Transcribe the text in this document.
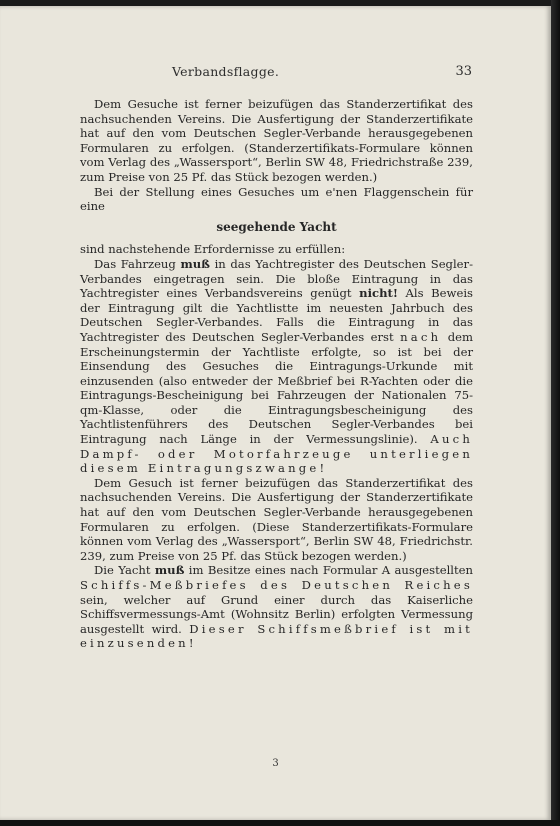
Verbandsflagge.	33

Dem Gesuche ist ferner beizufügen das Standerzertifikat des nachsuchenden Vereins. Die Ausfertigung der Standerzertifikate hat auf den vom Deutschen Segler-Verbande herausgegebenen Formularen zu erfolgen. (Standerzertifikats-Formulare können vom Verlag des „Wassersport“, Berlin SW 48, Friedrichstraße 239, zum Preise von 25 Pf. das Stück bezogen werden.)

Bei der Stellung eines Gesuches um e'nen Flaggenschein für eine

seegehende Yacht

sind nachstehende Erfordernisse zu erfüllen:

Das Fahrzeug muß in das Yachtregister des Deutschen Segler-Verbandes eingetragen sein. Die bloße Eintragung in das Yachtregister eines Verbandsvereins genügt nicht! Als Beweis der Eintragung gilt die Yachtlistte im neuesten Jahrbuch des Deutschen Segler-Verbandes. Falls die Eintragung in das Yachtregister des Deutschen Segler-Verbandes erst nach dem Erscheinungstermin der Yachtliste erfolgte, so ist bei der Einsendung des Gesuches die Eintragungs-Urkunde mit einzusenden (also entweder der Meßbrief bei R-Yachten oder die Eintragungs-Bescheinigung bei Fahrzeugen der Nationalen 75-qm-Klasse, oder die Eintragungsbescheinigung des Yachtlistenführers des Deutschen Segler-Verbandes bei Eintragung nach Länge in der Vermessungslinie). Auch Dampf- oder Motorfahrzeuge unterliegen diesem Eintragungszwange!

Dem Gesuch ist ferner beizufügen das Standerzertifikat des nachsuchenden Vereins. Die Ausfertigung der Standerzertifikate hat auf den vom Deutschen Segler-Verbande herausgegebenen Formularen zu erfolgen. (Diese Standerzertifikats-Formulare können vom Verlag des „Wassersport“, Berlin SW 48, Friedrichstr. 239, zum Preise von 25 Pf. das Stück bezogen werden.)

Die Yacht muß im Besitze eines nach Formular A ausgestellten Schiffs-Meßbriefes des Deutschen Reiches sein, welcher auf Grund einer durch das Kaiserliche Schiffsvermessungs-Amt (Wohnsitz Berlin) erfolgten Vermessung ausgestellt wird. Dieser Schiffsmeßbrief ist mit einzusenden!

3
